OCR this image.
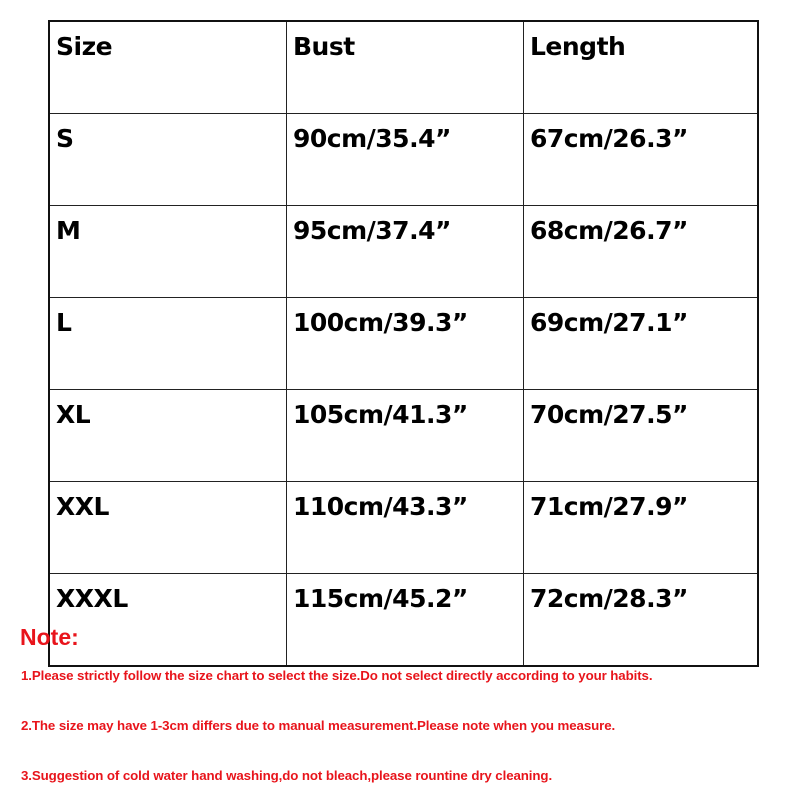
Size	Bust	Length
S	90cm/35.4”	67cm/26.3”
M	95cm/37.4”	68cm/26.7”
L	100cm/39.3”	69cm/27.1”
XL	105cm/41.3”	70cm/27.5”
XXL	110cm/43.3”	71cm/27.9”
XXXL	115cm/45.2”	72cm/28.3”
Note:
1.Please strictly follow the size chart to select the size.Do not select directly according to your habits.
2.The size may have 1-3cm differs due to manual measurement.Please note when you measure.
3.Suggestion of cold water hand washing,do not bleach,please rountine dry cleaning.
